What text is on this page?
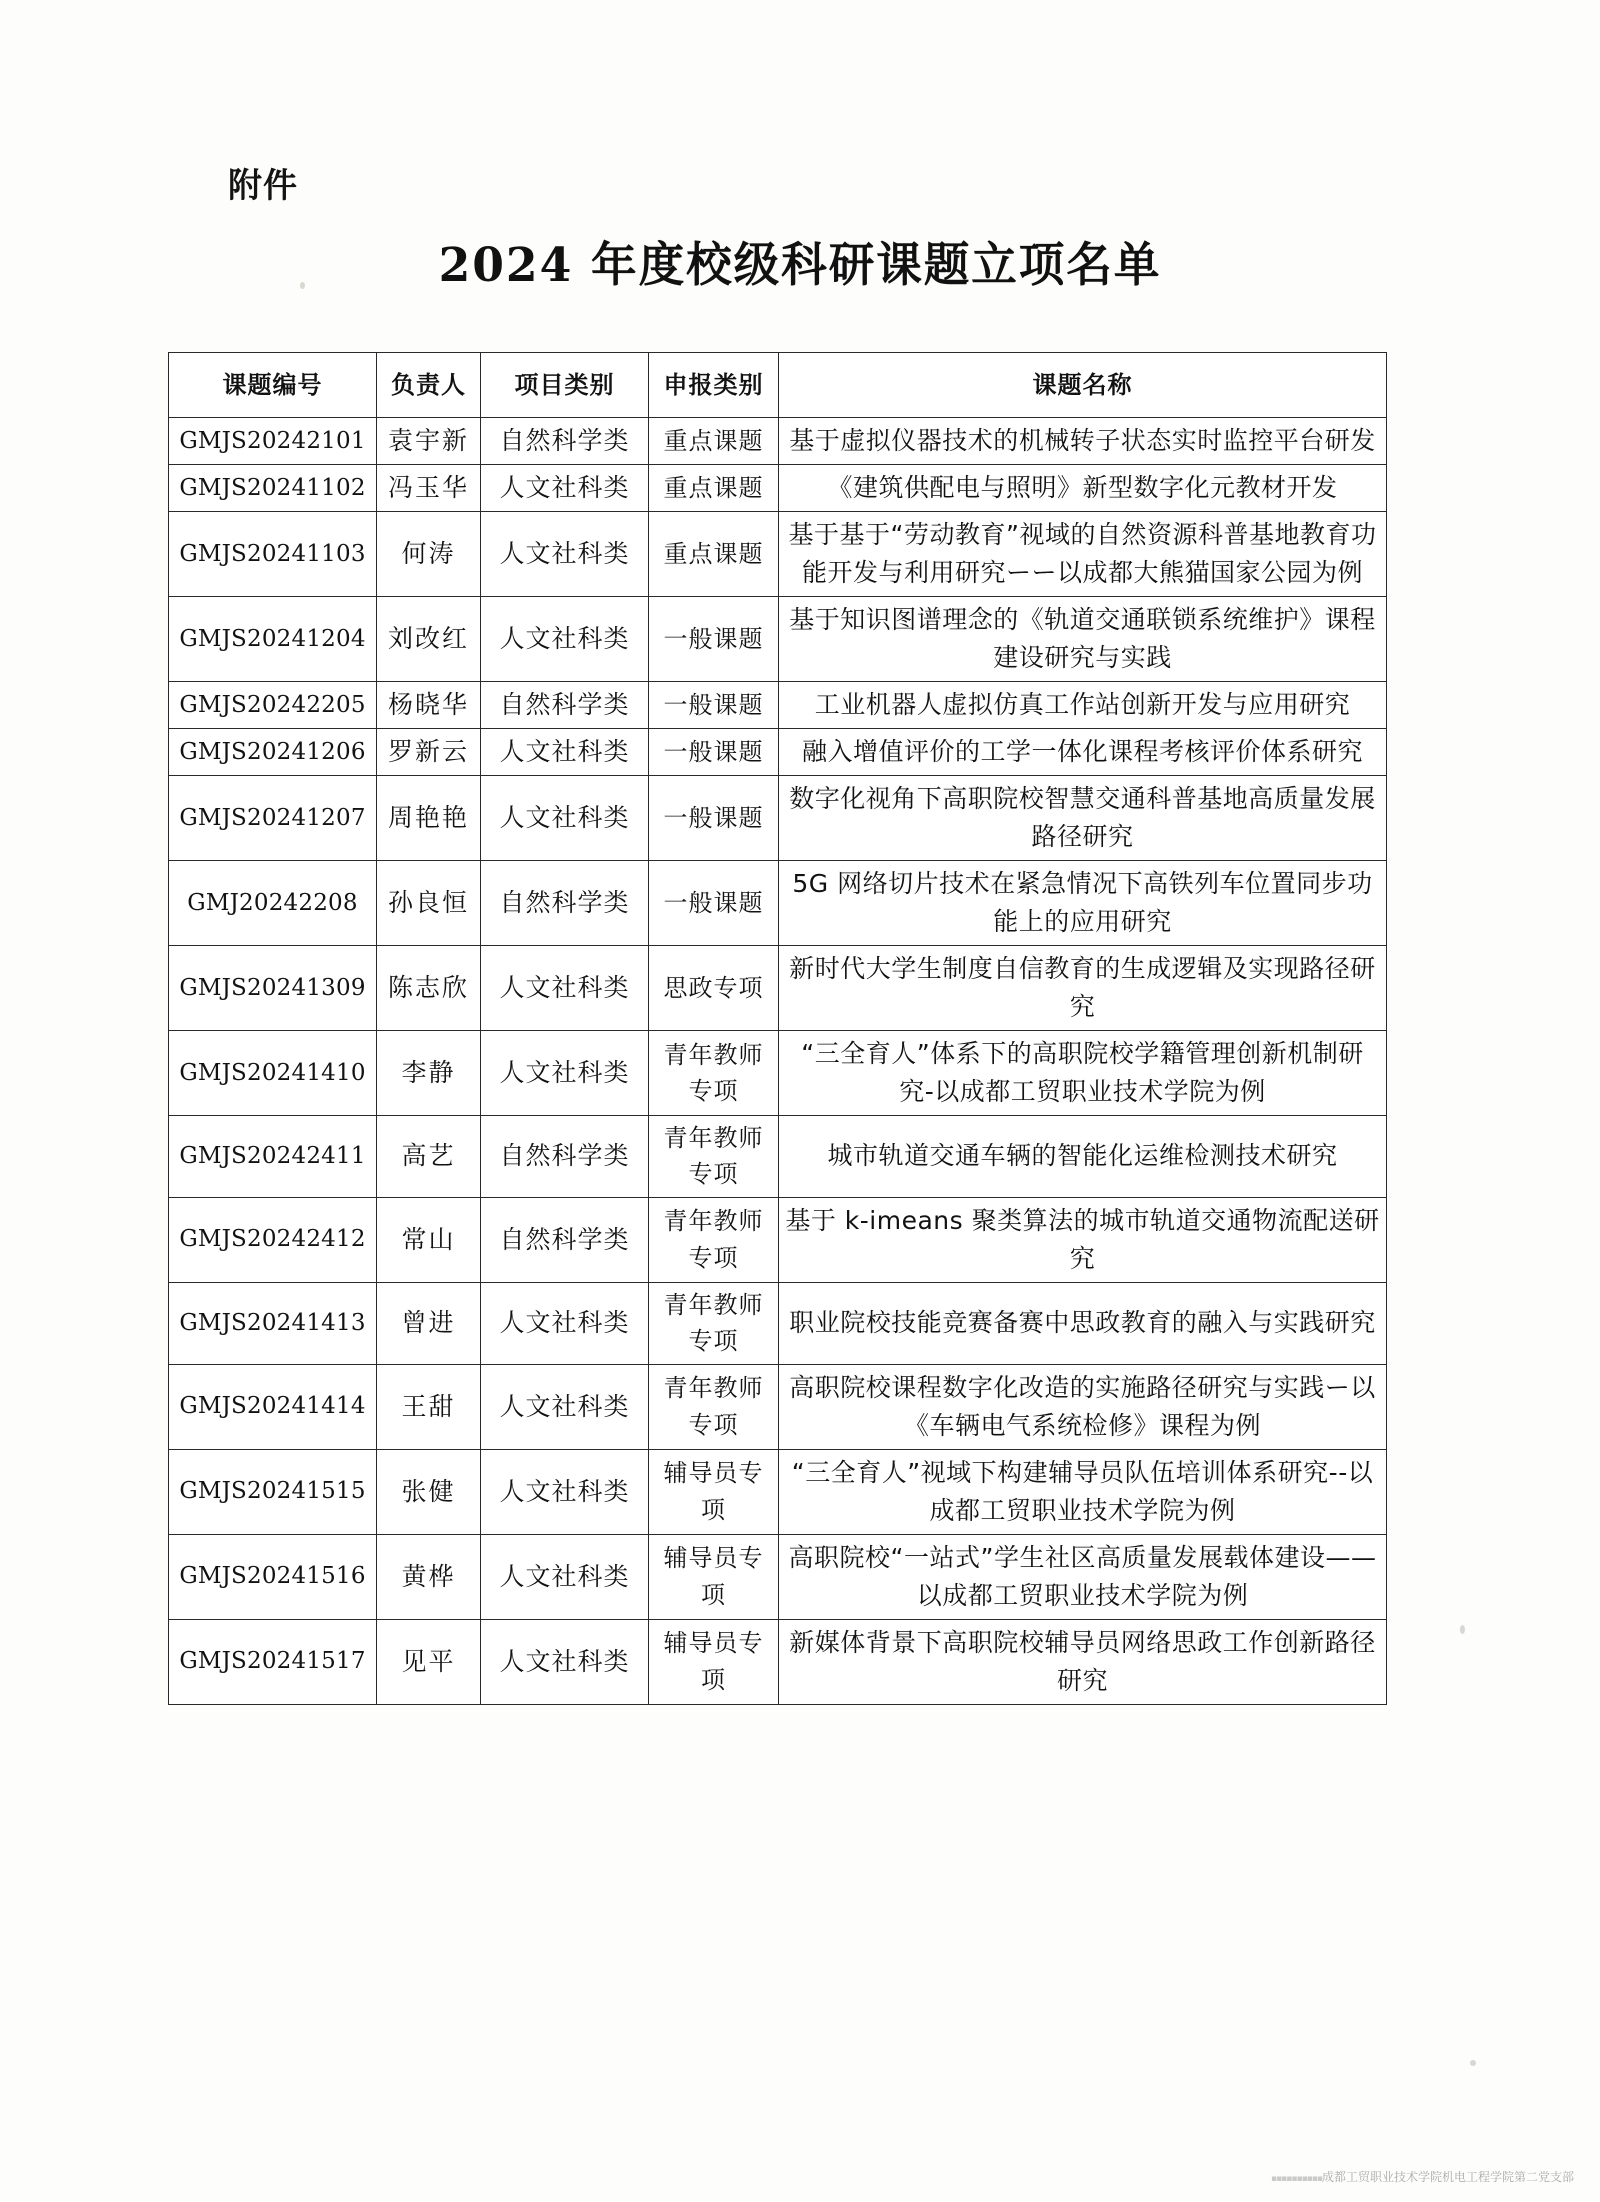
附件
2024 年度校级科研课题立项名单
课题编号	负责人	项目类别	申报类别	课题名称
GMJS20242101	袁宇新	自然科学类	重点课题	基于虚拟仪器技术的机械转子状态实时监控平台研发
GMJS20241102	冯玉华	人文社科类	重点课题	《建筑供配电与照明》新型数字化元教材开发
GMJS20241103	何涛	人文社科类	重点课题	基于基于“劳动教育”视域的自然资源科普基地教育功能开发与利用研究ーー以成都大熊猫国家公园为例
GMJS20241204	刘改红	人文社科类	一般课题	基于知识图谱理念的《轨道交通联锁系统维护》课程建设研究与实践
GMJS20242205	杨晓华	自然科学类	一般课题	工业机器人虚拟仿真工作站创新开发与应用研究
GMJS20241206	罗新云	人文社科类	一般课题	融入增值评价的工学一体化课程考核评价体系研究
GMJS20241207	周艳艳	人文社科类	一般课题	数字化视角下高职院校智慧交通科普基地高质量发展路径研究
GMJ20242208	孙良恒	自然科学类	一般课题	5G 网络切片技术在紧急情况下高铁列车位置同步功能上的应用研究
GMJS20241309	陈志欣	人文社科类	思政专项	新时代大学生制度自信教育的生成逻辑及实现路径研究
GMJS20241410	李静	人文社科类	青年教师专项	“三全育人”体系下的高职院校学籍管理创新机制研究-以成都工贸职业技术学院为例
GMJS20242411	高艺	自然科学类	青年教师专项	城市轨道交通车辆的智能化运维检测技术研究
GMJS20242412	常山	自然科学类	青年教师专项	基于 k-imeans 聚类算法的城市轨道交通物流配送研究
GMJS20241413	曾进	人文社科类	青年教师专项	职业院校技能竞赛备赛中思政教育的融入与实践研究
GMJS20241414	王甜	人文社科类	青年教师专项	高职院校课程数字化改造的实施路径研究与实践ー以《车辆电气系统检修》课程为例
GMJS20241515	张健	人文社科类	辅导员专项	“三全育人”视域下构建辅导员队伍培训体系研究--以成都工贸职业技术学院为例
GMJS20241516	黄桦	人文社科类	辅导员专项	高职院校“一站式”学生社区高质量发展载体建设——以成都工贸职业技术学院为例
GMJS20241517	见平	人文社科类	辅导员专项	新媒体背景下高职院校辅导员网络思政工作创新路径研究
▪▪▪▪▪▪▪▪▪▪成都工贸职业技术学院机电工程学院第二党支部
